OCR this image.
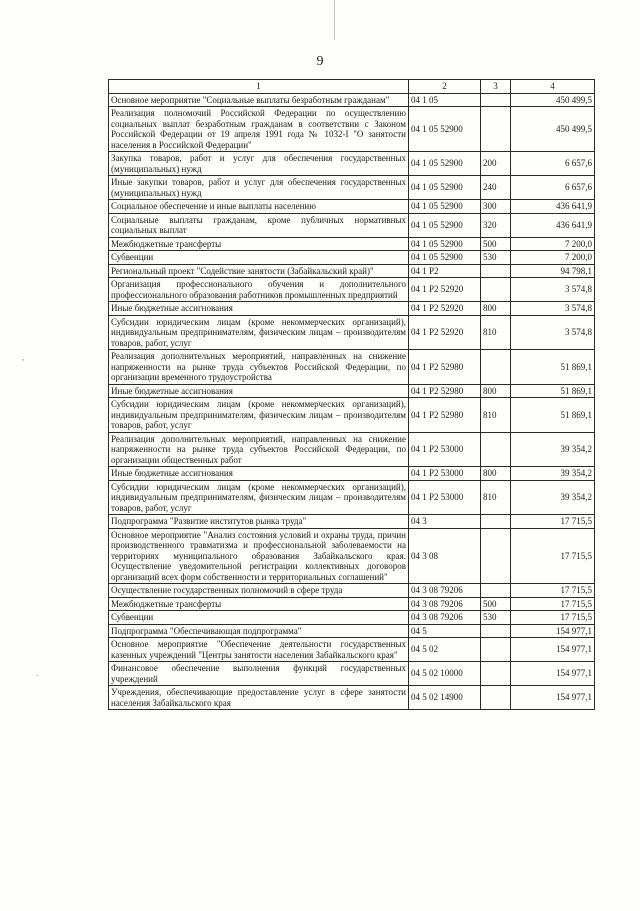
9
,
.
1	2	3	4
Основное мероприятие "Социальные выплаты безработным гражданам"	04 1 05		450 499,5
Реализация полномочий Российской Федерации по осуществлению социальных выплат безработным гражданам в соответствии с Законом Российской Федерации от 19 апреля 1991 года № 1032-I "О занятости населения в Российской Федерации"	04 1 05 52900		450 499,5
Закупка товаров, работ и услуг для обеспечения государственных (муниципальных) нужд	04 1 05 52900	200	6 657,6
Иные закупки товаров, работ и услуг для обеспечения государственных (муниципальных) нужд	04 1 05 52900	240	6 657,6
Социальное обеспечение и иные выплаты населению	04 1 05 52900	300	436 641,9
Социальные выплаты гражданам, кроме публичных нормативных социальных выплат	04 1 05 52900	320	436 641,9
Межбюджетные трансферты	04 1 05 52900	500	7 200,0
Субвенции	04 1 05 52900	530	7 200,0
Региональный проект "Содействие занятости (Забайкальский край)"	04 1 P2		94 798,1
Организация профессионального обучения и дополнительного профессионального образования работников промышленных предприятий	04 1 P2 52920		3 574,8
Иные бюджетные ассигнования	04 1 P2 52920	800	3 574,8
Субсидии юридическим лицам (кроме некоммерческих организаций), индивидуальным предпринимателям, физическим лицам – производителям товаров, работ, услуг	04 1 P2 52920	810	3 574,8
Реализация дополнительных мероприятий, направленных на снижение напряженности на рынке труда субъектов Российской Федерации, по организации временного трудоустройства	04 1 P2 52980		51 869,1
Иные бюджетные ассигнования	04 1 P2 52980	800	51 869,1
Субсидии юридическим лицам (кроме некоммерческих организаций), индивидуальным предпринимателям, физическим лицам – производителям товаров, работ, услуг	04 1 P2 52980	810	51 869,1
Реализация дополнительных мероприятий, направленных на снижение напряженности на рынке труда субъектов Российской Федерации, по организации общественных работ	04 1 P2 53000		39 354,2
Иные бюджетные ассигнования	04 1 P2 53000	800	39 354,2
Субсидии юридическим лицам (кроме некоммерческих организаций), индивидуальным предпринимателям, физическим лицам – производителям товаров, работ, услуг	04 1 P2 53000	810	39 354,2
Подпрограмма "Развитие институтов рынка труда"	04 3		17 715,5
Основное мероприятие "Анализ состояния условий и охраны труда, причин производственного травматизма и профессиональной заболеваемости на территориях муниципального образования Забайкальского края. Осуществление уведомительной регистрации коллективных договоров организаций всех форм собственности и территориальных соглашений"	04 3 08		17 715,5
Осуществление государственных полномочий в сфере труда	04 3 08 79206		17 715,5
Межбюджетные трансферты	04 3 08 79206	500	17 715,5
Субвенции	04 3 08 79206	530	17 715,5
Подпрограмма "Обеспечивающая подпрограмма"	04 5		154 977,1
Основное мероприятие "Обеспечение деятельности государственных казенных учреждений "Центры занятости населения Забайкальского края"	04 5 02		154 977,1
Финансовое обеспечение выполнения функций государственных учреждений	04 5 02 10000		154 977,1
Учреждения, обеспечивающие предоставление услуг в сфере занятости населения Забайкальского края	04 5 02 14900		154 977,1
